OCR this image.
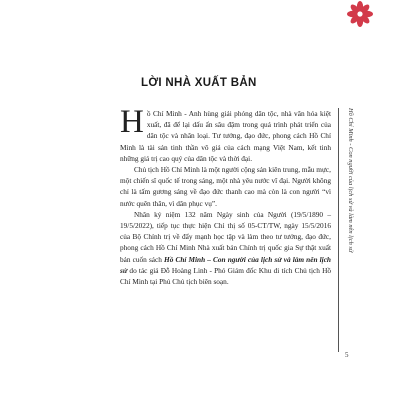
LỜI NHÀ XUẤT BẢN

Hồ Chí Minh - Anh hùng giải phóng dân tộc, nhà văn hóa kiệt xuất, đã để lại dấu ấn sâu đậm trong quá trình phát triển của dân tộc và nhân loại. Tư tưởng, đạo đức, phong cách Hồ Chí Minh là tài sản tinh thần vô giá của cách mạng Việt Nam, kết tinh những giá trị cao quý của dân tộc và thời đại.

Chủ tịch Hồ Chí Minh là một người cộng sản kiên trung, mẫu mực, một chiến sĩ quốc tế trong sáng, một nhà yêu nước vĩ đại. Người không chỉ là tấm gương sáng về đạo đức thanh cao mà còn là con người “vì nước quên thân, vì dân phục vụ”.

Nhân kỷ niệm 132 năm Ngày sinh của Người (19/5/1890 – 19/5/2022), tiếp tục thực hiện Chỉ thị số 05-CT/TW, ngày 15/5/2016 của Bộ Chính trị về đẩy mạnh học tập và làm theo tư tưởng, đạo đức, phong cách Hồ Chí Minh Nhà xuất bản Chính trị quốc gia Sự thật xuất bản cuốn sách Hồ Chí Minh – Con người của lịch sử và làm nên lịch sử do tác giả Đỗ Hoàng Linh - Phó Giám đốc Khu di tích Chủ tịch Hồ Chí Minh tại Phủ Chủ tịch biên soạn.

Hồ Chí Minh - Con người của lịch sử và làm nên lịch sử
5
